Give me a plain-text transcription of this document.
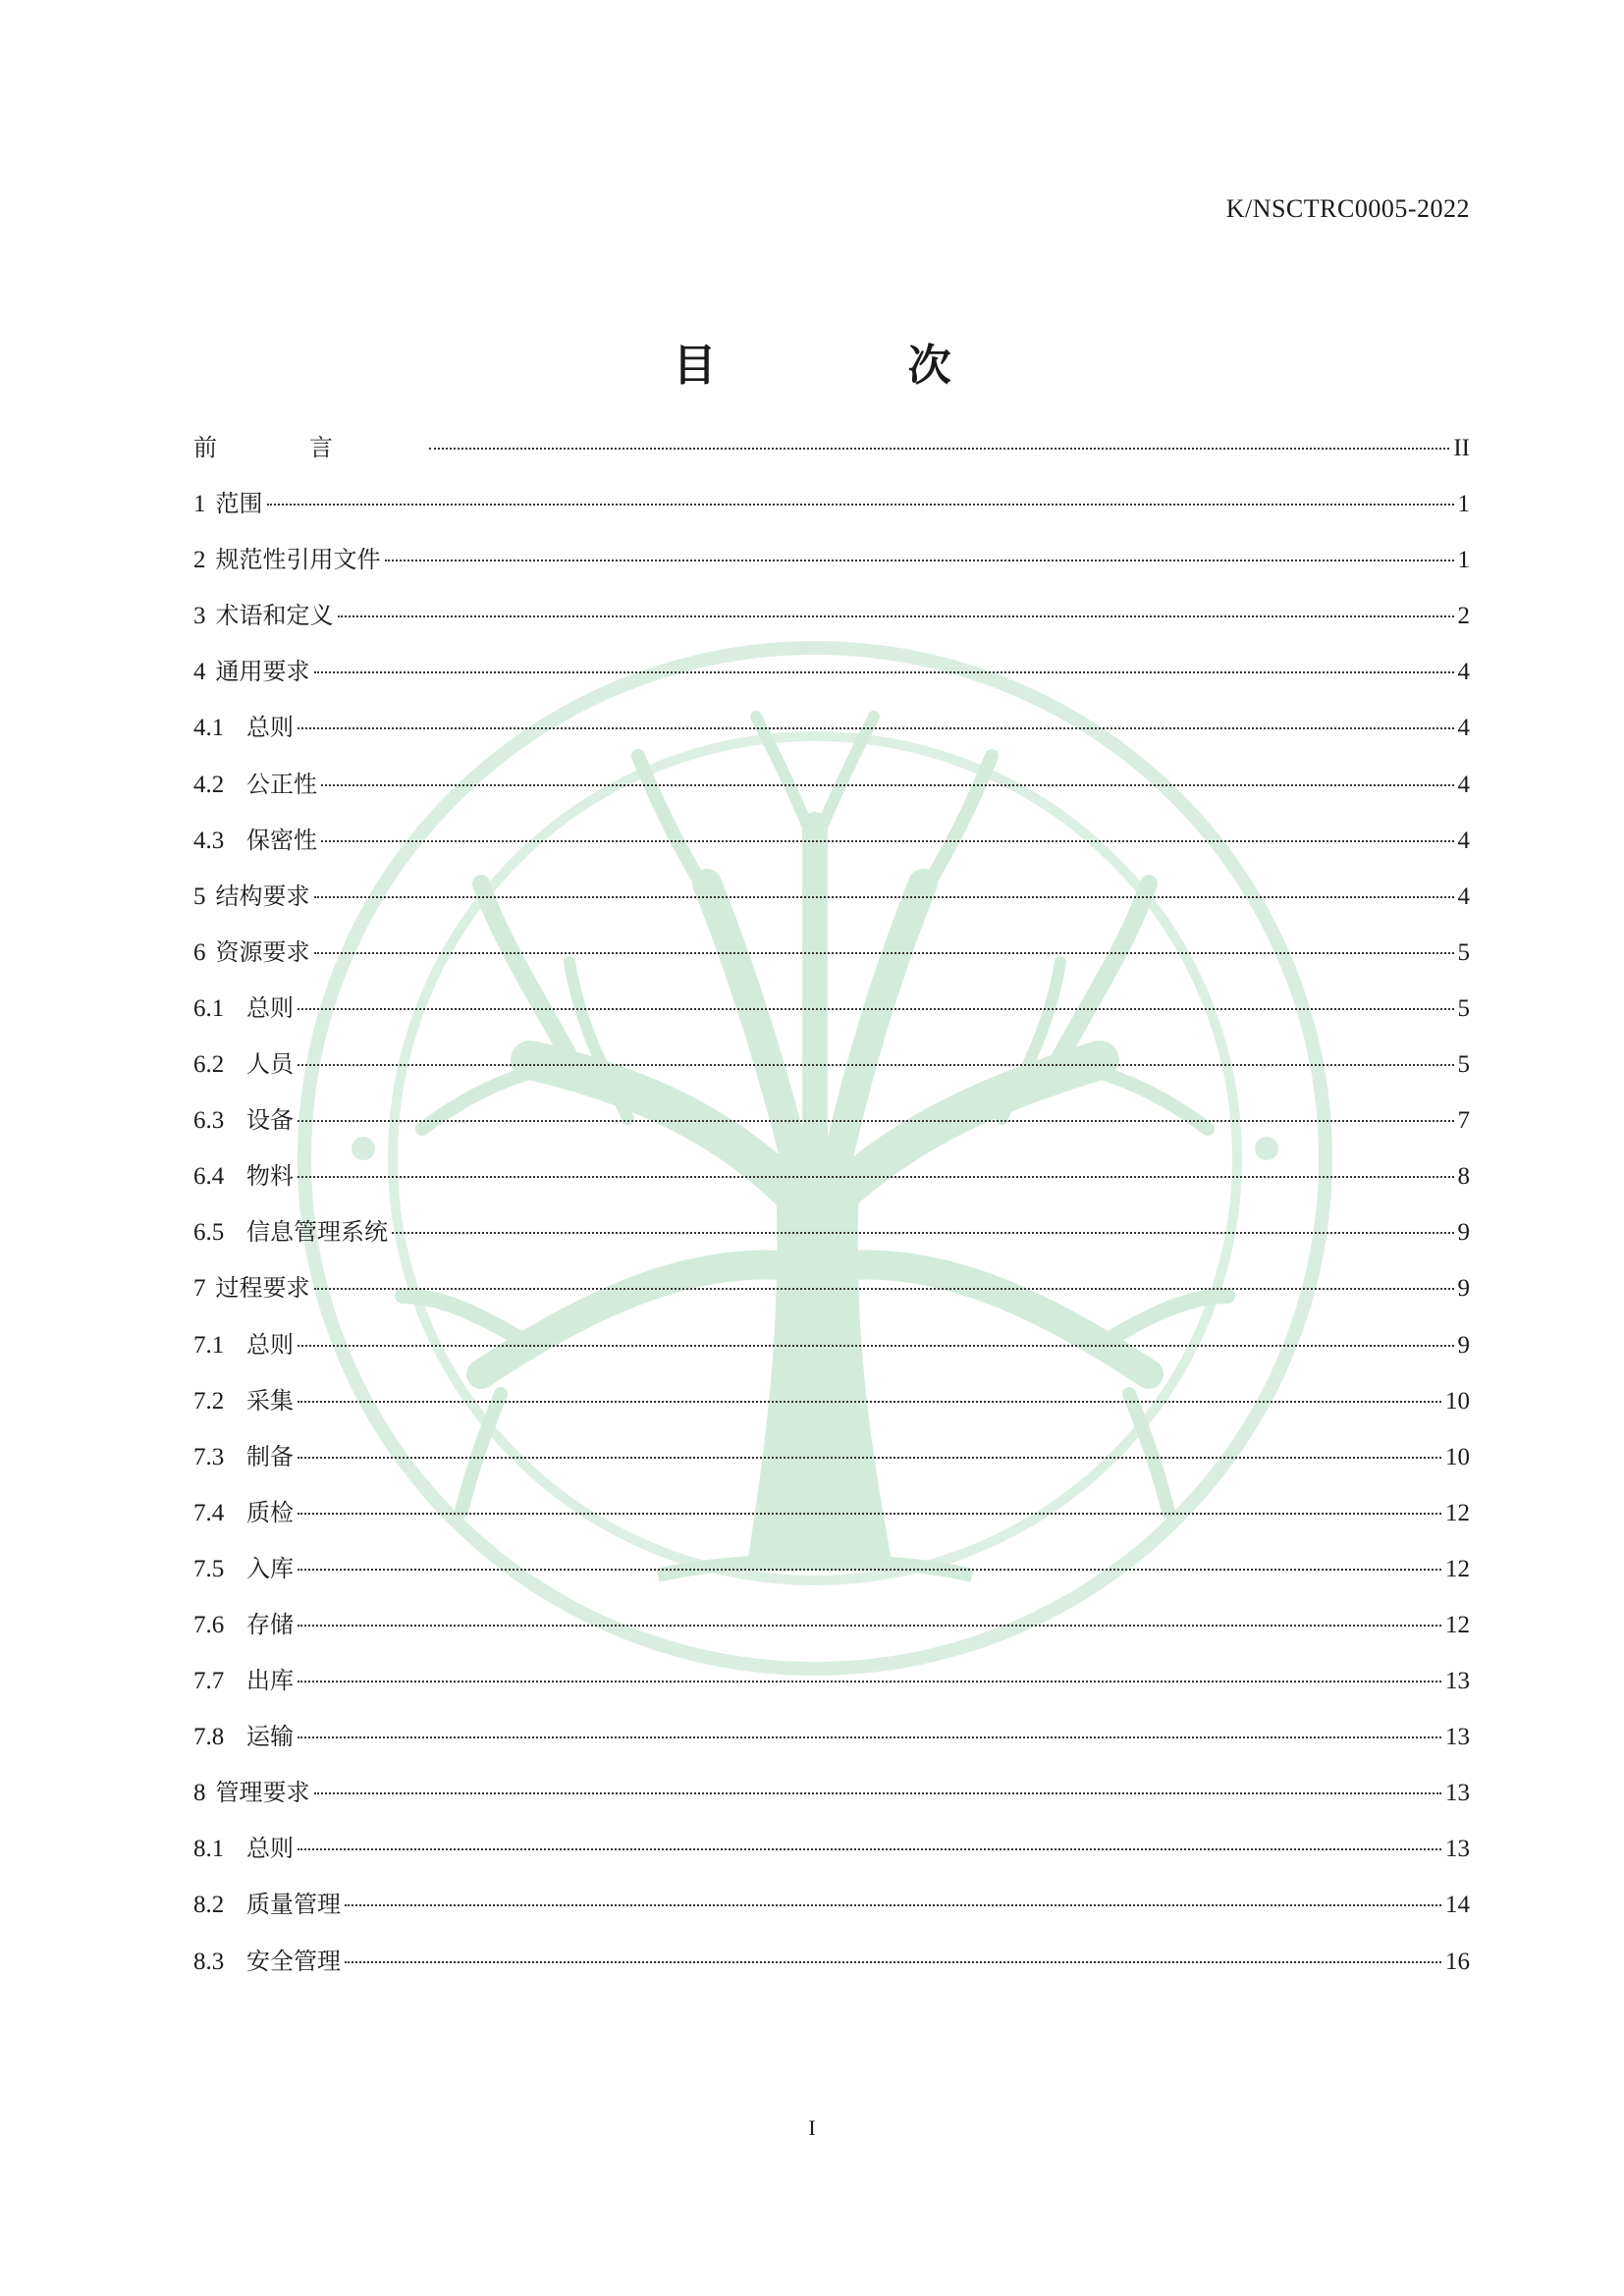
K/NSCTRC0005-2022
目 次
前言	II
1 范围	1
2 规范性引用文件	1
3 术语和定义	2
4 通用要求	4
4.1 总则	4
4.2 公正性	4
4.3 保密性	4
5 结构要求	4
6 资源要求	5
6.1 总则	5
6.2 人员	5
6.3 设备	7
6.4 物料	8
6.5 信息管理系统	9
7 过程要求	9
7.1 总则	9
7.2 采集	10
7.3 制备	10
7.4 质检	12
7.5 入库	12
7.6 存储	12
7.7 出库	13
7.8 运输	13
8 管理要求	13
8.1 总则	13
8.2 质量管理	14
8.3 安全管理	16
I
